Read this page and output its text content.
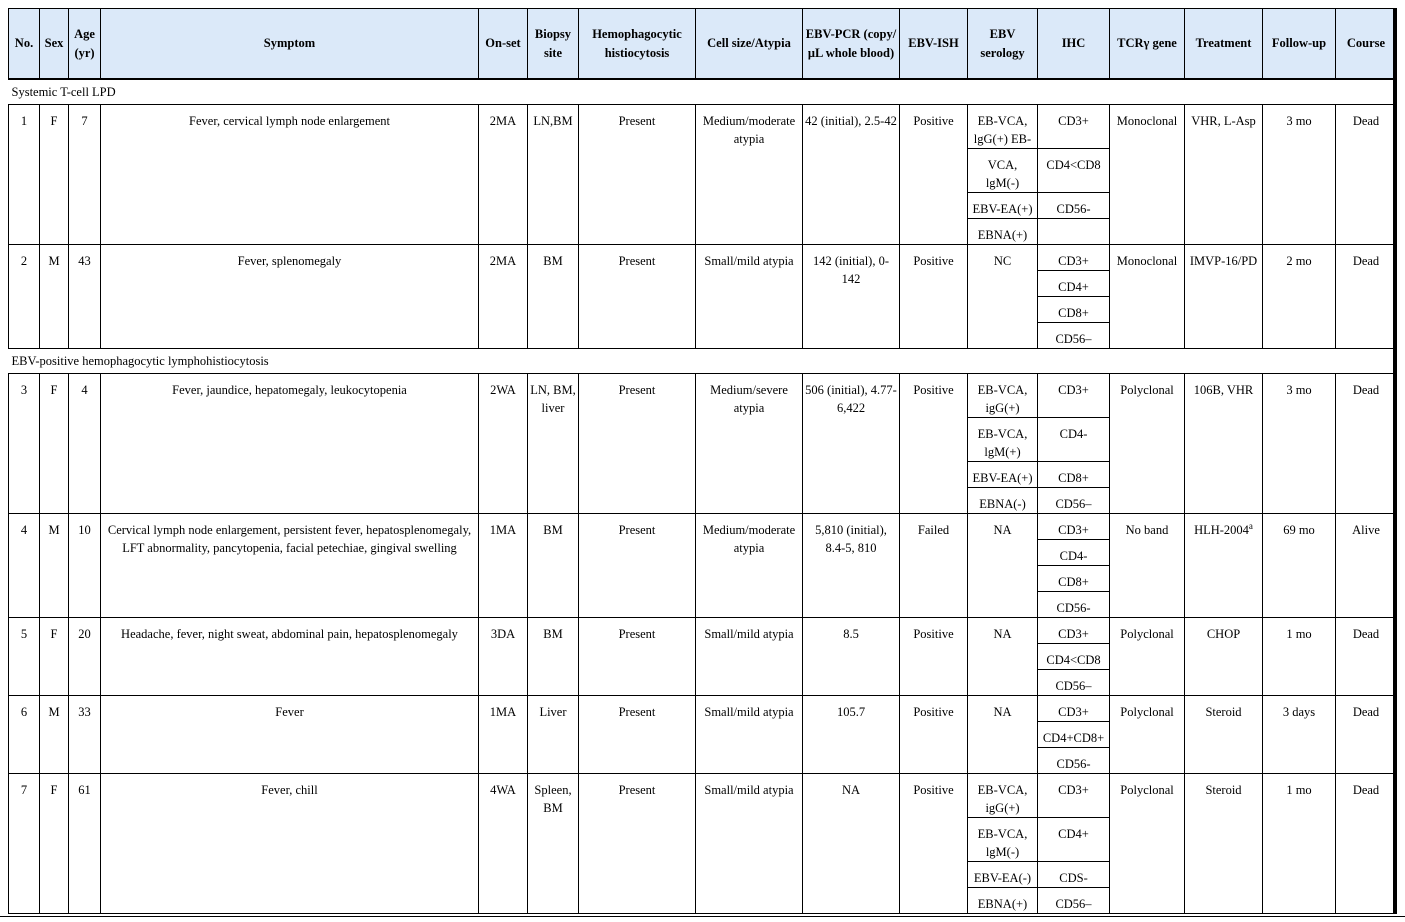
No.	Sex	Age (yr)	Symptom	On-set	Biopsy site	Hemophagocytic histiocytosis	Cell size/Atypia	EBV-PCR (copy/μL whole blood)	EBV-ISH	EBV serology	IHC	TCRγ gene	Treatment	Follow-up	Course
Systemic T-cell LPD															
1	F	7	Fever, cervical lymph node enlargement	2MA	LN,BM	Present	Medium/moderate atypia	42 (initial), 2.5-42	Positive	EB-VCA, lgG(+) EB-	CD3+	Monoclonal	VHR, L-Asp	3 mo	Dead
										VCA, lgM(-)	CD4<CD8				
										EBV-EA(+)	CD56-				
										EBNA(+)					
2	M	43	Fever, splenomegaly	2MA	BM	Present	Small/mild atypia	142 (initial), 0-142	Positive	NC	CD3+	Monoclonal	IMVP-16/PD	2 mo	Dead
											CD4+				
											CD8+				
											CD56–				
EBV-positive hemophagocytic lymphohistiocytosis															
3	F	4	Fever, jaundice, hepatomegaly, leukocytopenia	2WA	LN, BM, liver	Present	Medium/severe atypia	506 (initial), 4.77-6,422	Positive	EB-VCA, igG(+)	CD3+	Polyclonal	106B, VHR	3 mo	Dead
										EB-VCA, lgM(+)	CD4-				
										EBV-EA(+)	CD8+				
										EBNA(-)	CD56–				
4	M	10	Cervical lymph node enlargement, persistent fever, hepatosplenomegaly, LFT abnormality, pancytopenia, facial petechiae, gingival swelling	1MA	BM	Present	Medium/moderate atypia	5,810 (initial), 8.4-5, 810	Failed	NA	CD3+	No band	HLH-2004$^a$	69 mo	Alive
											CD4-				
											CD8+				
											CD56-				
5	F	20	Headache, fever, night sweat, abdominal pain, hepatosplenomegaly	3DA	BM	Present	Small/mild atypia	8.5	Positive	NA	CD3+	Polyclonal	CHOP	1 mo	Dead
											CD4<CD8				
											CD56–				
6	M	33	Fever	1MA	Liver	Present	Small/mild atypia	105.7	Positive	NA	CD3+	Polyclonal	Steroid	3 days	Dead
											CD4+CD8+				
											CD56-				
7	F	61	Fever, chill	4WA	Spleen, BM	Present	Small/mild atypia	NA	Positive	EB-VCA, igG(+)	CD3+	Polyclonal	Steroid	1 mo	Dead
										EB-VCA, lgM(-)	CD4+				
										EBV-EA(-)	CDS-				
										EBNA(+)	CD56–				
